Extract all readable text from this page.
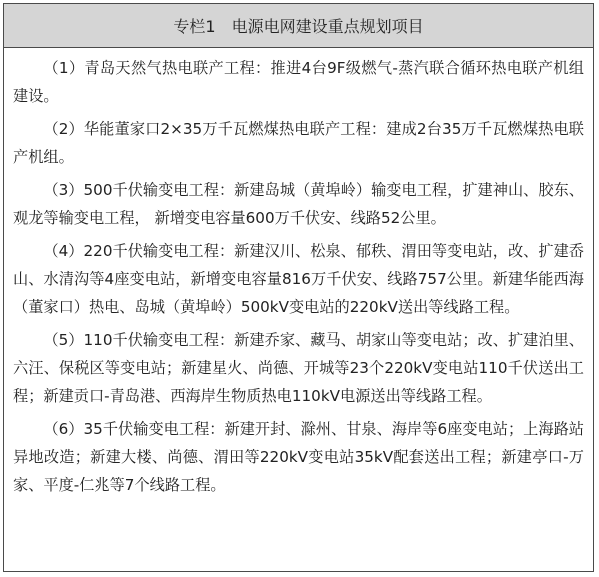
专栏1 电源电网建设重点规划项目

（1）青岛天然气热电联产工程：推进4台9F级燃气-蒸汽联合循环热电联产机组建设。

（2）华能董家口2×35万千瓦燃煤热电联产工程：建成2台35万千瓦燃煤热电联产机组。

（3）500千伏输变电工程：新建岛城（黄埠岭）输变电工程，扩建神山、胶东、观龙等输变电工程， 新增变电容量600万千伏安、线路52公里。

（4）220千伏输变电工程：新建汉川、松泉、郁秩、渭田等变电站，改、扩建岙山、水清沟等4座变电站，新增变电容量816万千伏安、线路757公里。新建华能西海（董家口）热电、岛城（黄埠岭）500kV变电站的220kV送出等线路工程。

（5）110千伏输变电工程：新建乔家、藏马、胡家山等变电站；改、扩建泊里、六汪、保税区等变电站；新建星火、尚德、开城等23个220kV变电站110千伏送出工程；新建贡口-青岛港、西海岸生物质热电110kV电源送出等线路工程。

（6）35千伏输变电工程：新建开封、滁州、甘泉、海岸等6座变电站；上海路站异地改造；新建大楼、尚德、渭田等220kV变电站35kV配套送出工程；新建亭口-万家、平度-仁兆等7个线路工程。
